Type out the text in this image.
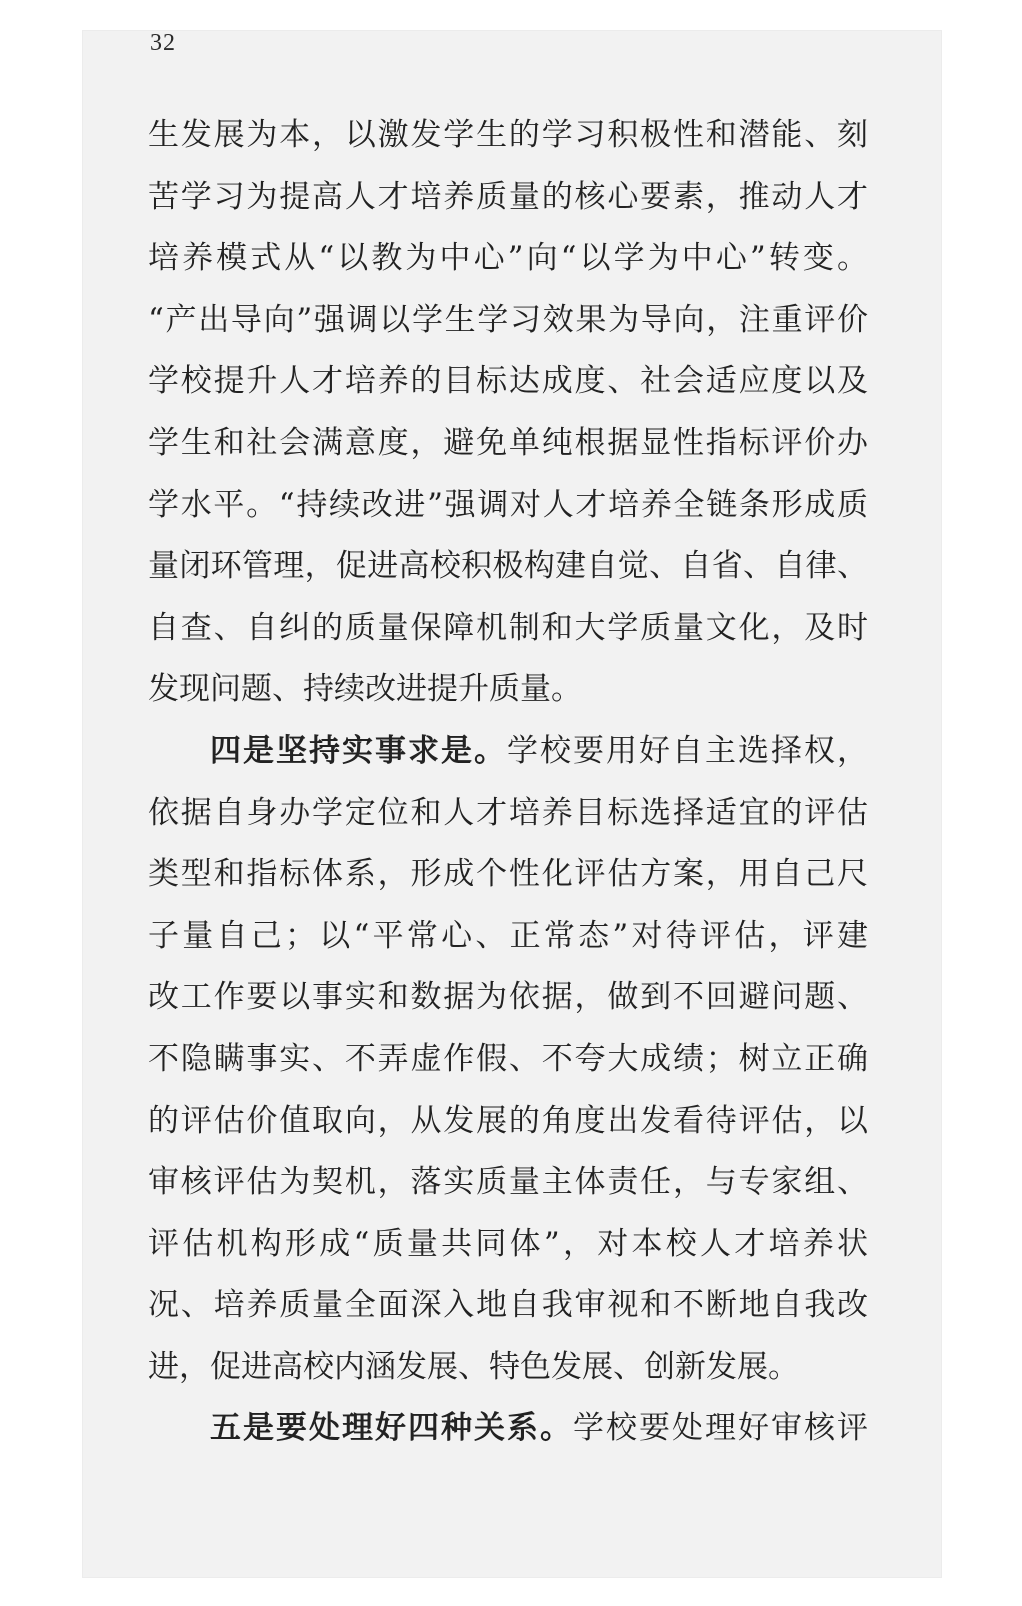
32
生发展为本，以激发学生的学习积极性和潜能、刻
苦学习为提高人才培养质量的核心要素，推动人才
培养模式从“以教为中心”向“以学为中心”转变。
“产出导向”强调以学生学习效果为导向，注重评价
学校提升人才培养的目标达成度、社会适应度以及
学生和社会满意度，避免单纯根据显性指标评价办
学水平。“持续改进”强调对人才培养全链条形成质
量闭环管理，促进高校积极构建自觉、自省、自律、
自查、自纠的质量保障机制和大学质量文化，及时
发现问题、持续改进提升质量。
四是坚持实事求是。学校要用好自主选择权，
依据自身办学定位和人才培养目标选择适宜的评估
类型和指标体系，形成个性化评估方案，用自己尺
子量自己；以“平常心、正常态”对待评估，评建
改工作要以事实和数据为依据，做到不回避问题、
不隐瞒事实、不弄虚作假、不夸大成绩；树立正确
的评估价值取向，从发展的角度出发看待评估，以
审核评估为契机，落实质量主体责任，与专家组、
评估机构形成“质量共同体”，对本校人才培养状
况、培养质量全面深入地自我审视和不断地自我改
进，促进高校内涵发展、特色发展、创新发展。
五是要处理好四种关系。学校要处理好审核评
